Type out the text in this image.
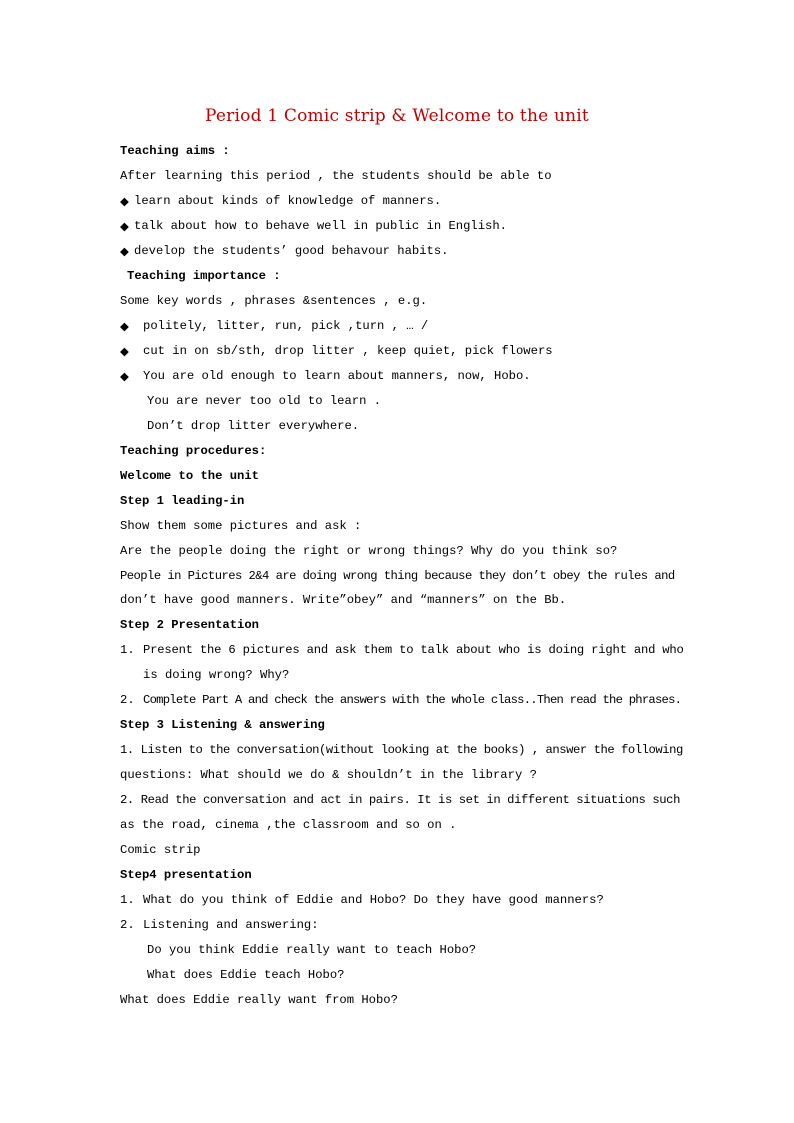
Period 1 Comic strip & Welcome to the unit
Teaching aims :
After learning this period , the students should be able to
◆ learn about kinds of knowledge of manners.
◆ talk about how to behave well in public in English.
◆ develop the students’ good behavour habits.
Teaching importance :
Some key words , phrases &sentences , e.g.
◆ politely, litter, run, pick ,turn , … /
◆ cut in on sb/sth, drop litter , keep quiet, pick flowers
◆ You are old enough to learn about manners, now, Hobo.
You are never too old to learn .
Don’t drop litter everywhere.
Teaching procedures:
Welcome to the unit
Step 1 leading-in
Show them some pictures and ask :
Are the people doing the right or wrong things? Why do you think so?
People in Pictures 2&4 are doing wrong thing because they don’t obey the rules and
don’t have good manners. Write”obey” and “manners” on the Bb.
Step 2 Presentation
1. Present the 6 pictures and ask them to talk about who is doing right and who
is doing wrong? Why?
2. Complete Part A and check the answers with the whole class..Then read the phrases.
Step 3 Listening & answering
1. Listen to the conversation(without looking at the books) , answer the following
questions: What should we do & shouldn’t in the library ?
2. Read the conversation and act in pairs. It is set in different situations such
as the road, cinema ,the classroom and so on .
Comic strip
Step4 presentation
1. What do you think of Eddie and Hobo? Do they have good manners?
2. Listening and answering:
Do you think Eddie really want to teach Hobo?
What does Eddie teach Hobo?
What does Eddie really want from Hobo?
